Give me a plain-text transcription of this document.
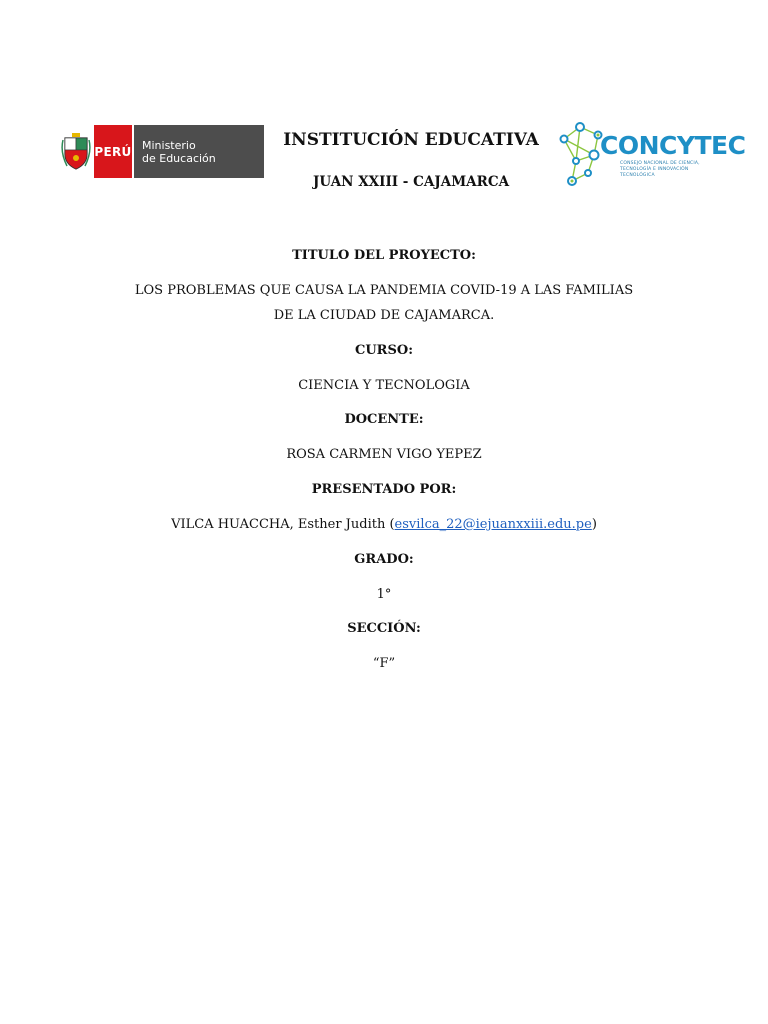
PERÚ Ministerio
de Educación
INSTITUCIÓN EDUCATIVA
JUAN XXIII - CAJAMARCA
CONCYTEC
CONSEJO NACIONAL DE CIENCIA, TECNOLOGÍA E INNOVACIÓN TECNOLÓGICA
TITULO DEL PROYECTO:
LOS PROBLEMAS QUE CAUSA LA PANDEMIA COVID-19 A LAS FAMILIAS
DE LA CIUDAD DE CAJAMARCA.
CURSO:
CIENCIA Y TECNOLOGIA
DOCENTE:
ROSA CARMEN VIGO YEPEZ
PRESENTADO POR:
VILCA HUACCHA, Esther Judith (esvilca_22@iejuanxxiii.edu.pe)
GRADO:
1°
SECCIÓN:
“F”
